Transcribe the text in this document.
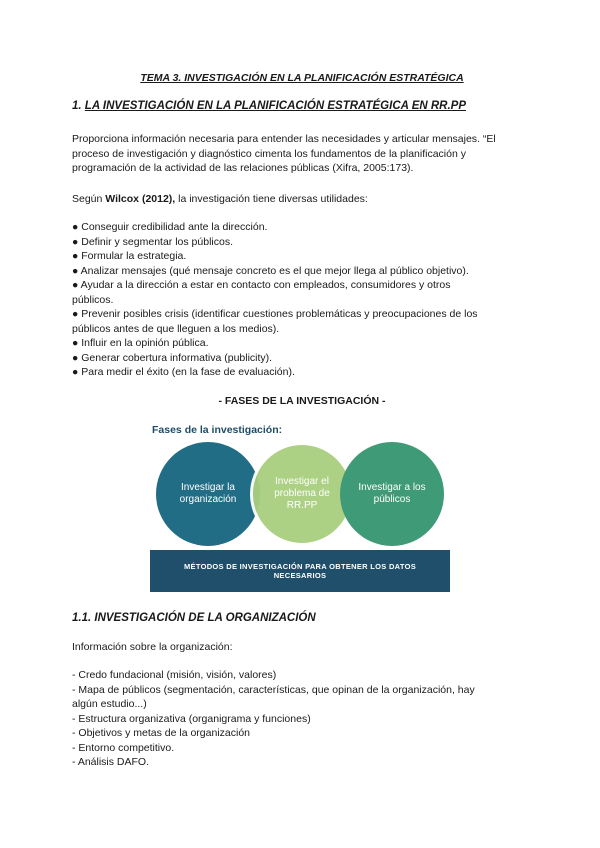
TEMA 3. INVESTIGACIÓN EN LA PLANIFICACIÓN ESTRATÉGICA
1. LA INVESTIGACIÓN EN LA PLANIFICACIÓN ESTRATÉGICA EN RR.PP
Proporciona información necesaria para entender las necesidades y articular mensajes. “El
proceso de investigación y diagnóstico cimenta los fundamentos de la planificación y
programación de la actividad de las relaciones públicas (Xifra, 2005:173).

Según Wilcox (2012), la investigación tiene diversas utilidades:

● Conseguir credibilidad ante la dirección.
● Definir y segmentar los públicos.
● Formular la estrategia.
● Analizar mensajes (qué mensaje concreto es el que mejor llega al público objetivo).
● Ayudar a la dirección a estar en contacto con empleados, consumidores y otros
públicos.
● Prevenir posibles crisis (identificar cuestiones problemáticas y preocupaciones de los
públicos antes de que lleguen a los medios).
● Influir en la opinión pública.
● Generar cobertura informativa (publicity).
● Para medir el éxito (en la fase de evaluación).

- FASES DE LA INVESTIGACIÓN -

Fases de la investigación:

Investigar la organización
Investigar el problema de RR.PP
Investigar a los públicos
MÉTODOS DE INVESTIGACIÓN PARA OBTENER LOS DATOS NECESARIOS
1.1. INVESTIGACIÓN DE LA ORGANIZACIÓN

Información sobre la organización:

- Credo fundacional (misión, visión, valores)
- Mapa de públicos (segmentación, características, que opinan de la organización, hay
algún estudio...)
- Estructura organizativa (organigrama y funciones)
- Objetivos y metas de la organización
- Entorno competitivo.
- Análisis DAFO.
